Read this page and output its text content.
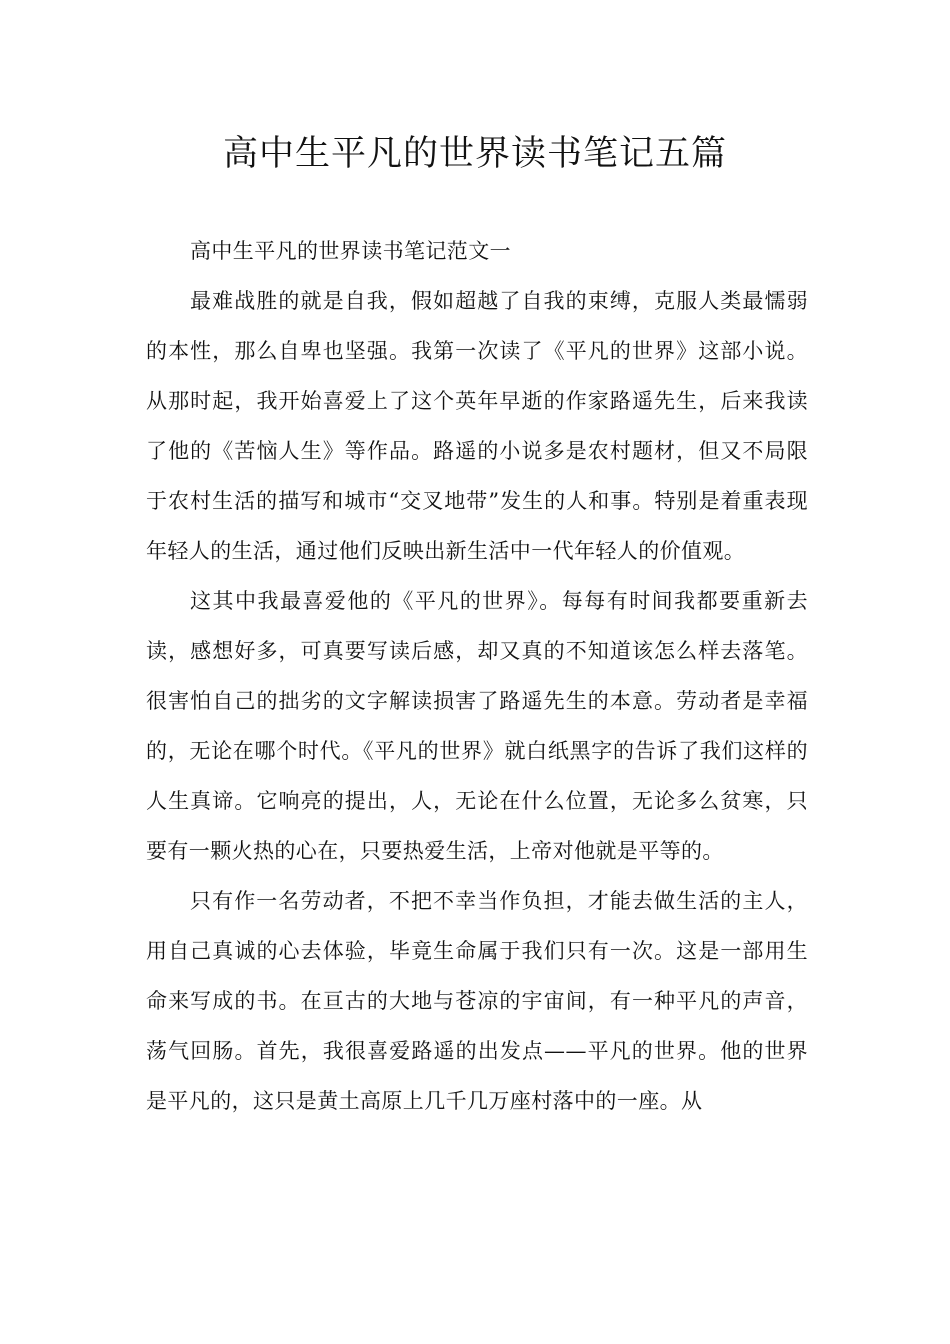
高中生平凡的世界读书笔记五篇

高中生平凡的世界读书笔记范文一

最难战胜的就是自我，假如超越了自我的束缚，克服人类最懦弱的本性，那么自卑也坚强。我第一次读了《平凡的世界》这部小说。从那时起，我开始喜爱上了这个英年早逝的作家路遥先生，后来我读了他的《苦恼人生》等作品。路遥的小说多是农村题材，但又不局限于农村生活的描写和城市“交叉地带”发生的人和事。特别是着重表现年轻人的生活，通过他们反映出新生活中一代年轻人的价值观。

这其中我最喜爱他的《平凡的世界》。每每有时间我都要重新去读，感想好多，可真要写读后感，却又真的不知道该怎么样去落笔。很害怕自己的拙劣的文字解读损害了路遥先生的本意。劳动者是幸福的，无论在哪个时代。《平凡的世界》就白纸黑字的告诉了我们这样的人生真谛。它响亮的提出，人，无论在什么位置，无论多么贫寒，只要有一颗火热的心在，只要热爱生活，上帝对他就是平等的。

只有作一名劳动者，不把不幸当作负担，才能去做生活的主人，用自己真诚的心去体验，毕竟生命属于我们只有一次。这是一部用生命来写成的书。在亘古的大地与苍凉的宇宙间，有一种平凡的声音，荡气回肠。首先，我很喜爱路遥的出发点——平凡的世界。他的世界是平凡的，这只是黄土高原上几千几万座村落中的一座。从
